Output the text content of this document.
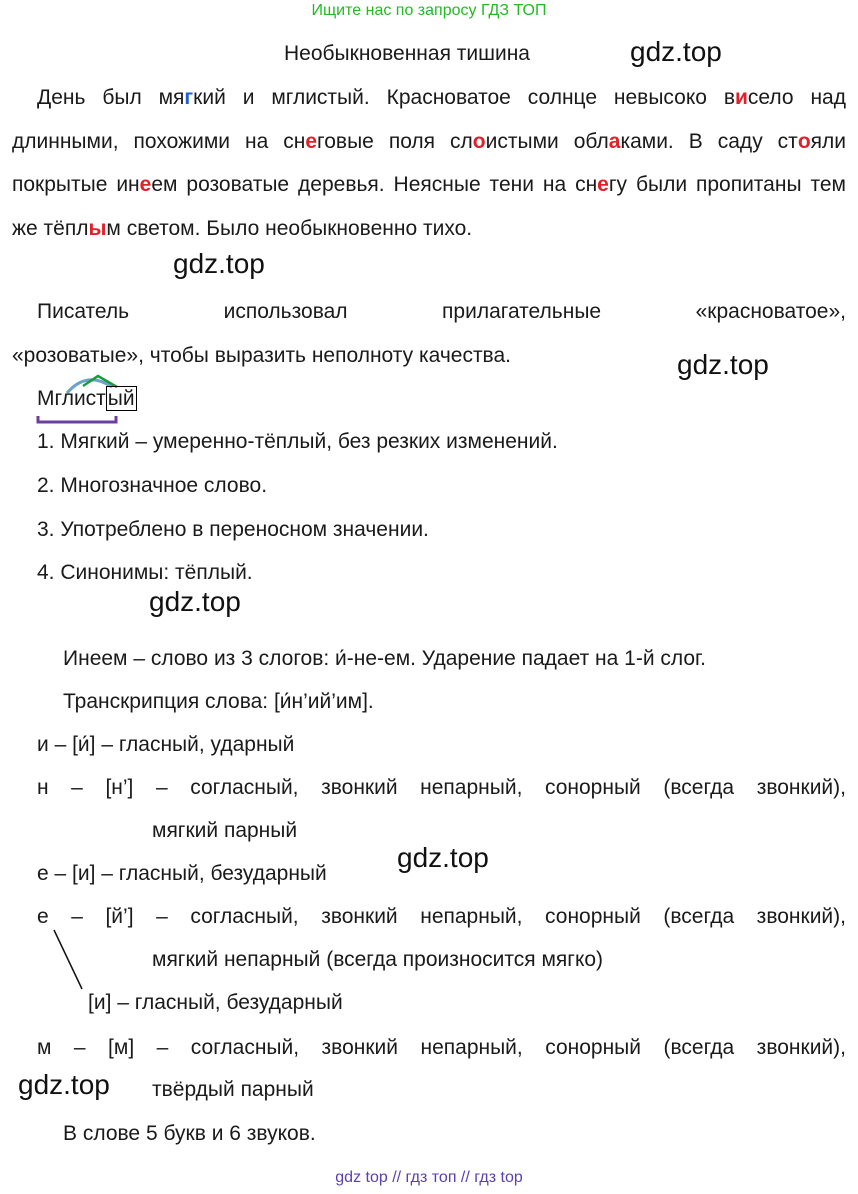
Ищите нас по запросу ГДЗ ТОП
Необыкновенная тишина	gdz.top
День был мягкий и мглистый. Красноватое солнце невысоко висело над длинными, похожими на снеговые поля слоистыми облаками. В саду стояли покрытые инеем розоватые деревья. Неясные тени на снегу были пропитаны тем же тёплым светом. Было необыкновенно тихо.
gdz.top
Писатель использовал прилагательные «красноватое»,
«розоватые», чтобы выразить неполноту качества.	gdz.top
Мглистый
1. Мягкий – умеренно-тёплый, без резких изменений.
2. Многозначное слово.
3. Употреблено в переносном значении.
4. Синонимы: тёплый.
gdz.top
Инеем – слово из 3 слогов: и́-не-ем. Ударение падает на 1-й слог.
Транскрипция слова: [и́н’ий’им].
и – [и́] – гласный, ударный
н – [н’] – согласный, звонкий непарный, сонорный (всегда звонкий),
мягкий парный
е – [и] – гласный, безударный
gdz.top
е – [й’] – согласный, звонкий непарный, сонорный (всегда звонкий),
мягкий непарный (всегда произносится мягко)
[и] – гласный, безударный
м – [м] – согласный, звонкий непарный, сонорный (всегда звонкий),
gdz.top твёрдый парный
В слове 5 букв и 6 звуков.
gdz top // гдз топ // гдз top
